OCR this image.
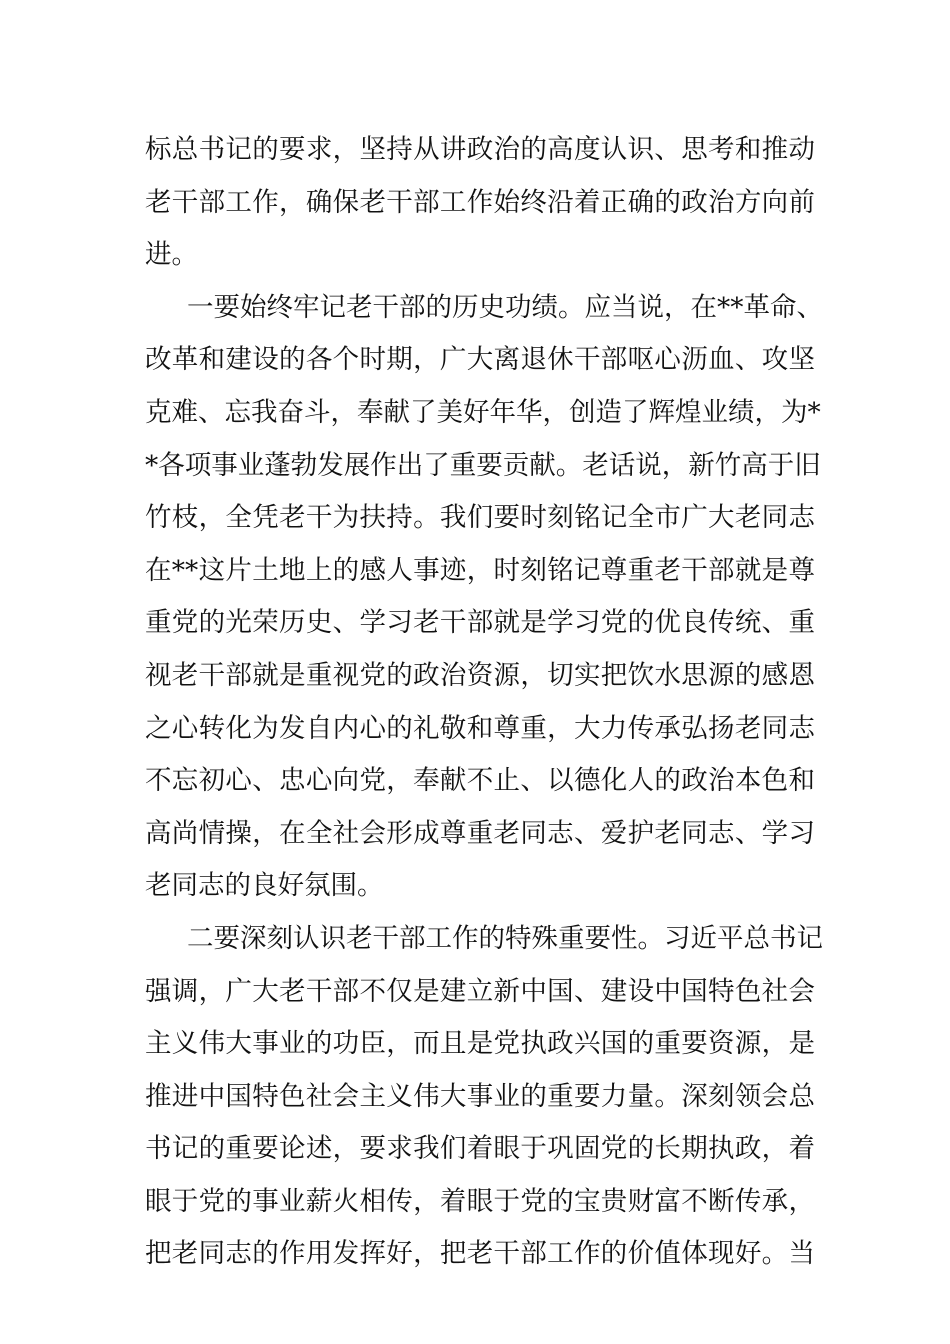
标总书记的要求，坚持从讲政治的高度认识、思考和推动
老干部工作，确保老干部工作始终沿着正确的政治方向前
进。
一要始终牢记老干部的历史功绩。应当说，在**革命、
改革和建设的各个时期，广大离退休干部呕心沥血、攻坚
克难、忘我奋斗，奉献了美好年华，创造了辉煌业绩，为*
*各项事业蓬勃发展作出了重要贡献。老话说，新竹高于旧
竹枝，全凭老干为扶持。我们要时刻铭记全市广大老同志
在**这片土地上的感人事迹，时刻铭记尊重老干部就是尊
重党的光荣历史、学习老干部就是学习党的优良传统、重
视老干部就是重视党的政治资源，切实把饮水思源的感恩
之心转化为发自内心的礼敬和尊重，大力传承弘扬老同志
不忘初心、忠心向党，奉献不止、以德化人的政治本色和
高尚情操，在全社会形成尊重老同志、爱护老同志、学习
老同志的良好氛围。
二要深刻认识老干部工作的特殊重要性。习近平总书记
强调，广大老干部不仅是建立新中国、建设中国特色社会
主义伟大事业的功臣，而且是党执政兴国的重要资源，是
推进中国特色社会主义伟大事业的重要力量。深刻领会总
书记的重要论述，要求我们着眼于巩固党的长期执政，着
眼于党的事业薪火相传，着眼于党的宝贵财富不断传承，
把老同志的作用发挥好，把老干部工作的价值体现好。当
